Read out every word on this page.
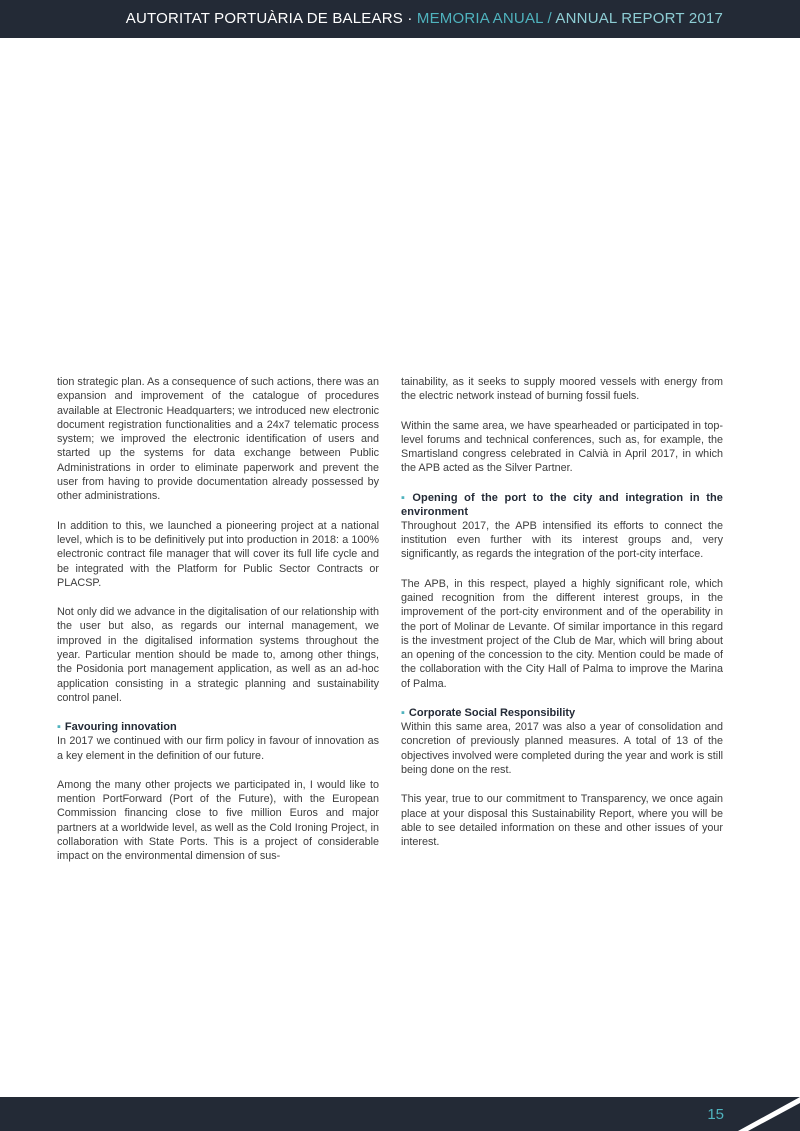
AUTORITAT PORTUÀRIA DE BALEARS · MEMORIA ANUAL / ANNUAL REPORT 2017

tion strategic plan. As a consequence of such actions, there was an expansion and improvement of the catalogue of procedures available at Electronic Headquarters; we introduced new electronic document registration functionalities and a 24x7 telematic process system; we improved the electronic identification of users and started up the systems for data exchange between Public Administrations in order to eliminate paperwork and prevent the user from having to provide documentation already possessed by other administrations.

In addition to this, we launched a pioneering project at a national level, which is to be definitively put into production in 2018: a 100% electronic contract file manager that will cover its full life cycle and be integrated with the Platform for Public Sector Contracts or PLACSP.

Not only did we advance in the digitalisation of our relationship with the user but also, as regards our internal management, we improved in the digitalised information systems throughout the year. Particular mention should be made to, among other things, the Posidonia port management application, as well as an ad-hoc application consisting in a strategic planning and sustainability control panel.

▪ Favouring innovation

In 2017 we continued with our firm policy in favour of innovation as a key element in the definition of our future.

Among the many other projects we participated in, I would like to mention PortForward (Port of the Future), with the European Commission financing close to five million Euros and major partners at a worldwide level, as well as the Cold Ironing Project, in collaboration with State Ports. This is a project of considerable impact on the environmental dimension of sus-

tainability, as it seeks to supply moored vessels with energy from the electric network instead of burning fossil fuels.

Within the same area, we have spearheaded or participated in top-level forums and technical conferences, such as, for example, the Smartisland congress celebrated in Calvià in April 2017, in which the APB acted as the Silver Partner.

▪ Opening of the port to the city and integration in the environment

Throughout 2017, the APB intensified its efforts to connect the institution even further with its interest groups and, very significantly, as regards the integration of the port-city interface.

The APB, in this respect, played a highly significant role, which gained recognition from the different interest groups, in the improvement of the port-city environment and of the operability in the port of Molinar de Levante. Of similar importance in this regard is the investment project of the Club de Mar, which will bring about an opening of the concession to the city. Mention could be made of the collaboration with the City Hall of Palma to improve the Marina of Palma.

▪ Corporate Social Responsibility

Within this same area, 2017 was also a year of consolidation and concretion of previously planned measures. A total of 13 of the objectives involved were completed during the year and work is still being done on the rest.

This year, true to our commitment to Transparency, we once again place at your disposal this Sustainability Report, where you will be able to see detailed information on these and other issues of your interest.

15
